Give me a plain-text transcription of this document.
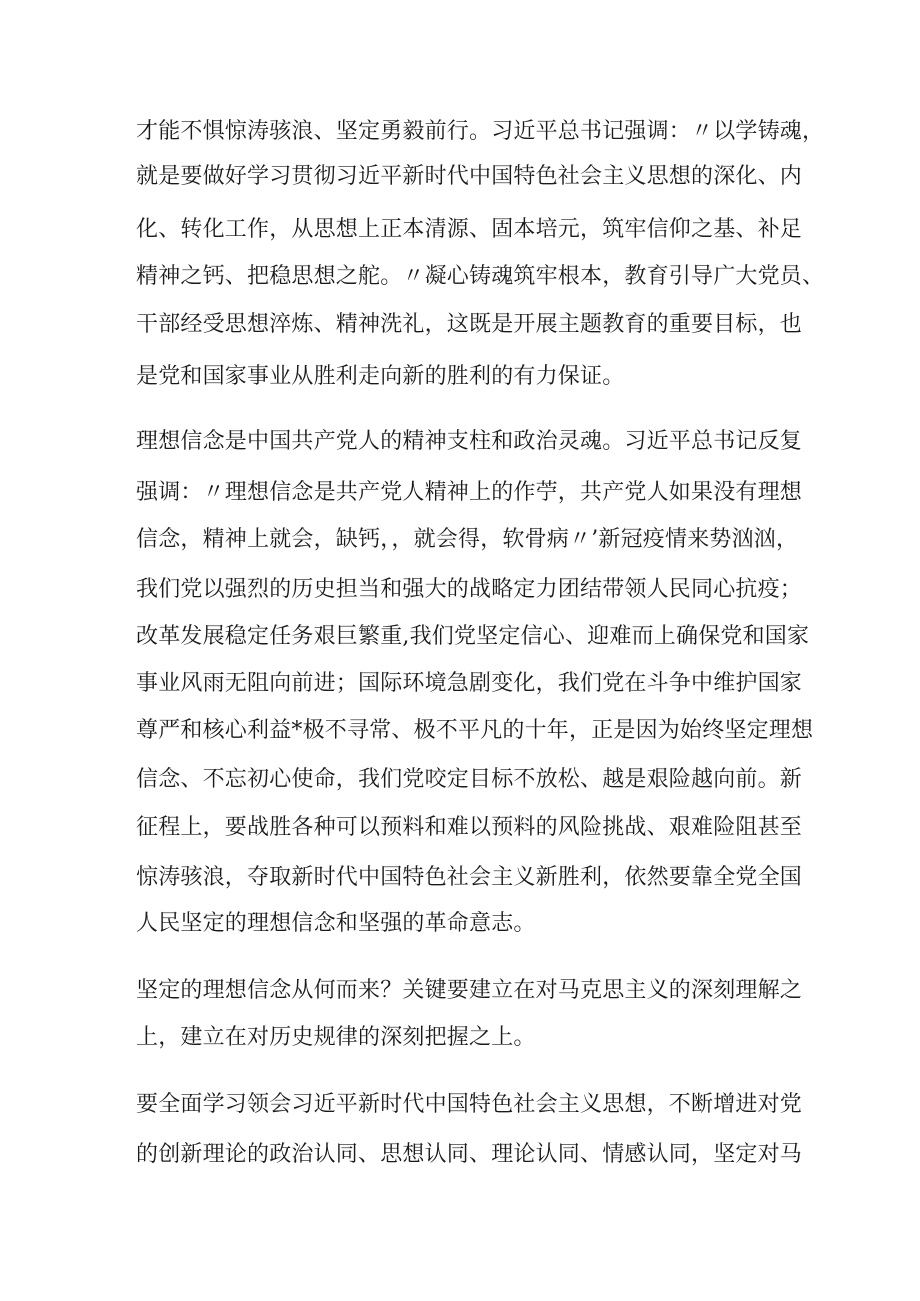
才能不惧惊涛骇浪、坚定勇毅前行。习近平总书记强调：〃以学铸魂，
就是要做好学习贯彻习近平新时代中国特色社会主义思想的深化、内
化、转化工作，从思想上正本清源、固本培元，筑牢信仰之基、补足
精神之钙、把稳思想之舵。〃凝心铸魂筑牢根本，教育引导广大党员、
干部经受思想淬炼、精神洗礼，这既是开展主题教育的重要目标，也
是党和国家事业从胜利走向新的胜利的有力保证。
理想信念是中国共产党人的精神支柱和政治灵魂。习近平总书记反复
强调：〃理想信念是共产党人精神上的作苧，共产党人如果没有理想
信念，精神上就会，缺钙，，就会得，软骨病〃’新冠疫情来势汹汹，
我们党以强烈的历史担当和强大的战略定力团结带领人民同心抗疫；
改革发展稳定任务艰巨繁重,我们党坚定信心、迎难而上确保党和国家
事业风雨无阻向前进；国际环境急剧变化，我们党在斗争中维护国家
尊严和核心利益*极不寻常、极不平凡的十年，正是因为始终坚定理想
信念、不忘初心使命，我们党咬定目标不放松、越是艰险越向前。新
征程上，要战胜各种可以预料和难以预料的风险挑战、艰难险阻甚至
惊涛骇浪，夺取新时代中国特色社会主义新胜利，依然要靠全党全国
人民坚定的理想信念和坚强的革命意志。
坚定的理想信念从何而来？关键要建立在对马克思主义的深刻理解之
上，建立在对历史规律的深刻把握之上。
要全面学习领会习近平新时代中国特色社会主义思想，不断增进对党
的创新理论的政治认同、思想认同、理论认同、情感认同，坚定对马
